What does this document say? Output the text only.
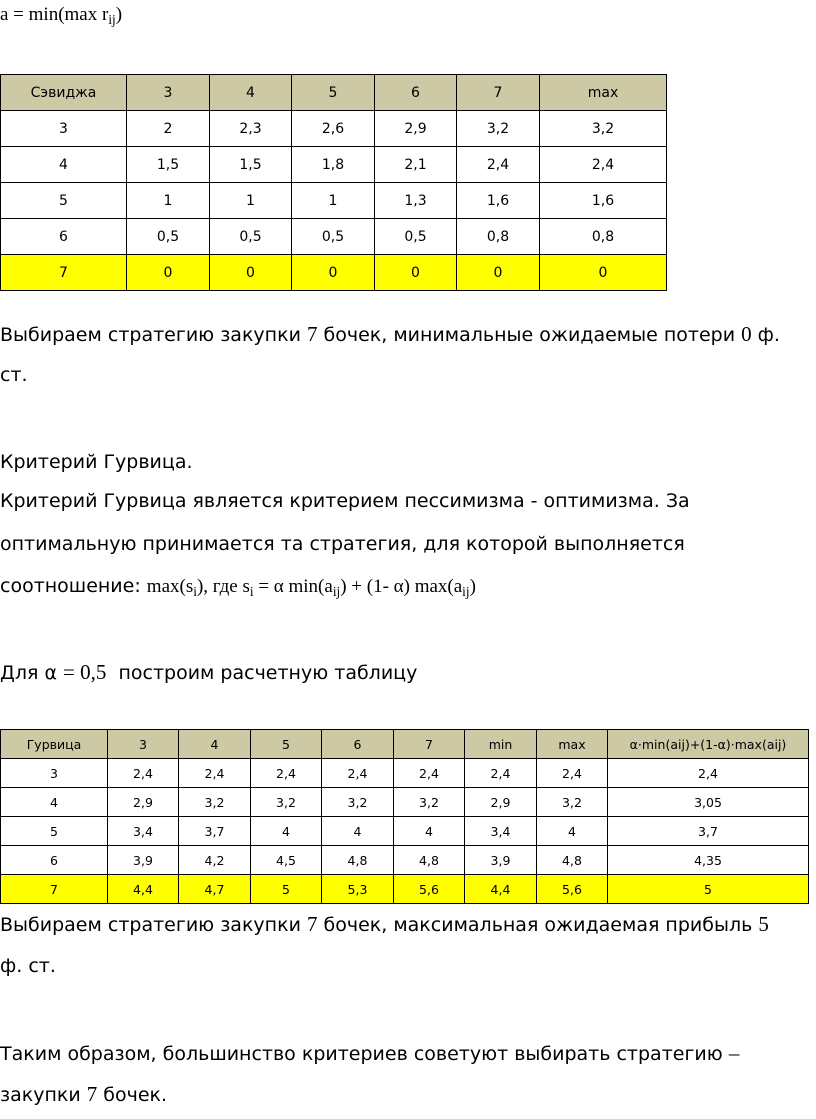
a = min(max $r_{ij}$)
Сэвиджа	3	4	5	6	7	max
3	2	2,3	2,6	2,9	3,2	3,2
4	1,5	1,5	1,8	2,1	2,4	2,4
5	1	1	1	1,3	1,6	1,6
6	0,5	0,5	0,5	0,5	0,8	0,8
7	0	0	0	0	0	0
Выбираем стратегию закупки 7 бочек, минимальные ожидаемые потери 0 ф.
ст.
Критерий Гурвица.
Критерий Гурвица является критерием пессимизма - оптимизма. За
оптимальную принимается та стратегия, для которой выполняется
соотношение: $\max(s_i)$, где $s_i = \alpha$ $\min(a_{ij}) + (1-$ α) $\max(a_{ij})$
Для α = 0,5  построим расчетную таблицу
Гурвица	3	4	5	6	7	min	max	α·min(aij)+(1-α)·max(aij)
3	2,4	2,4	2,4	2,4	2,4	2,4	2,4	2,4
4	2,9	3,2	3,2	3,2	3,2	2,9	3,2	3,05
5	3,4	3,7	4	4	4	3,4	4	3,7
6	3,9	4,2	4,5	4,8	4,8	3,9	4,8	4,35
7	4,4	4,7	5	5,3	5,6	4,4	5,6	5
Выбираем стратегию закупки 7 бочек, максимальная ожидаемая прибыль 5
ф. ст.
Таким образом, большинство критериев советуют выбирать стратегию –
закупки 7 бочек.
